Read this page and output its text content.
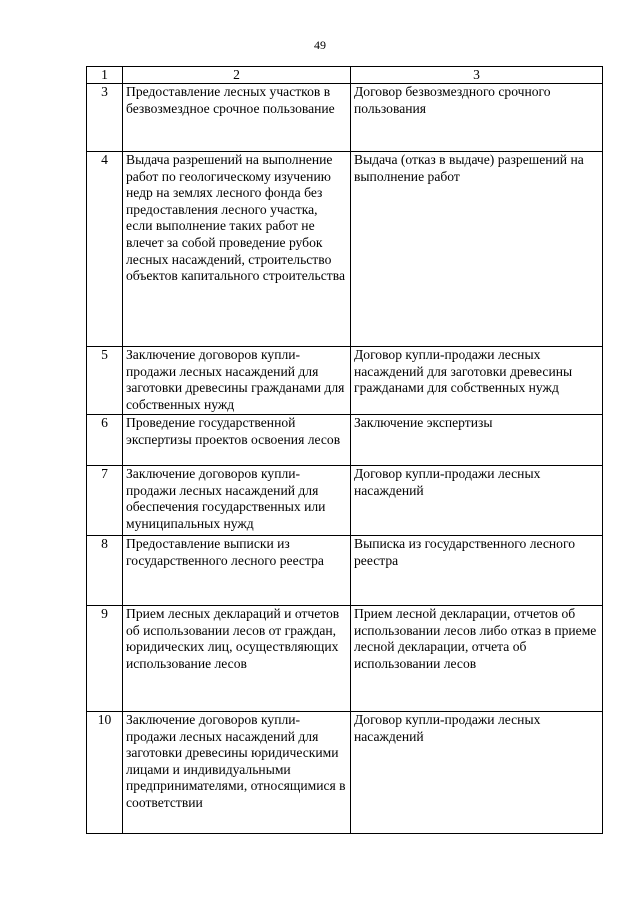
49
1	2	3
3	Предоставление лесных участков в безвозмездное срочное пользование	Договор безвозмездного срочного пользования
4	Выдача разрешений на выполнение работ по геологическому изучению недр на землях лесного фонда без предоставления лесного участка, если выполнение таких работ не влечет за собой проведение рубок лесных насаждений, строительство объектов капитального строительства	Выдача (отказ в выдаче) разрешений на выполнение работ
5	Заключение договоров купли-продажи лесных насаждений для заготовки древесины гражданами для собственных нужд	Договор купли-продажи лесных насаждений для заготовки древесины гражданами для собственных нужд
6	Проведение государственной экспертизы проектов освоения лесов	Заключение экспертизы
7	Заключение договоров купли-продажи лесных насаждений для обеспечения государственных или муниципальных нужд	Договор купли-продажи лесных насаждений
8	Предоставление выписки из государственного лесного реестра	Выписка из государственного лесного реестра
9	Прием лесных деклараций и отчетов об использовании лесов от граждан, юридических лиц, осуществляющих использование лесов	Прием лесной декларации, отчетов об использовании лесов либо отказ в приеме лесной декларации, отчета об использовании лесов
10	Заключение договоров купли-продажи лесных насаждений для заготовки древесины юридическими лицами и индивидуальными предпринимателями, относящимися в соответствии	Договор купли-продажи лесных насаждений
